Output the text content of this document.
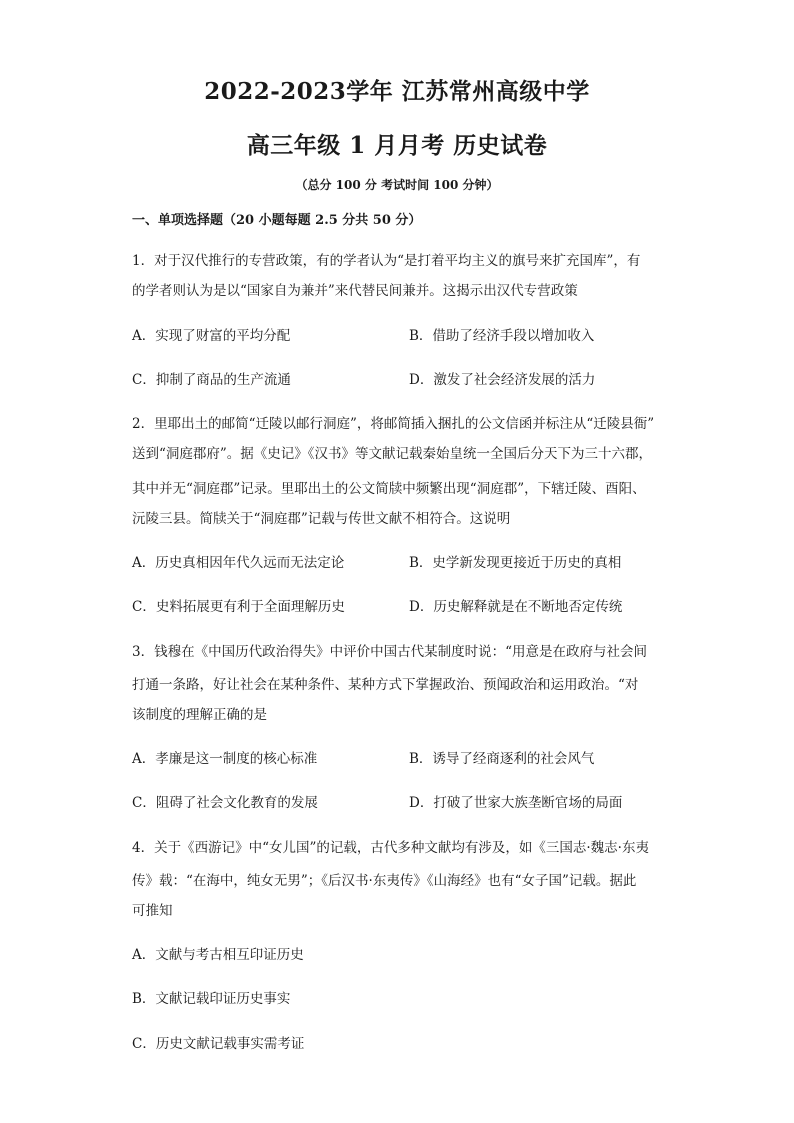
2022-2023学年 江苏常州高级中学
高三年级 1 月月考 历史试卷
（总分 100 分 考试时间 100 分钟）
一、单项选择题（20 小题每题 2.5 分共 50 分）
1．对于汉代推行的专营政策，有的学者认为“是打着平均主义的旗号来扩充国库”，有
的学者则认为是以“国家自为兼并”来代替民间兼并。这揭示出汉代专营政策
A．实现了财富的平均分配	B．借助了经济手段以增加收入
C．抑制了商品的生产流通	D．激发了社会经济发展的活力
2．里耶出土的邮简“迁陵以邮行洞庭”，将邮简插入捆扎的公文信函并标注从“迁陵县衙”
送到“洞庭郡府”。据《史记》《汉书》等文献记载秦始皇统一全国后分天下为三十六郡，
其中并无“洞庭郡”记录。里耶出土的公文简牍中频繁出现“洞庭郡”，下辖迁陵、酉阳、
沅陵三县。简牍关于“洞庭郡”记载与传世文献不相符合。这说明
A．历史真相因年代久远而无法定论	B．史学新发现更接近于历史的真相
C．史料拓展更有利于全面理解历史	D．历史解释就是在不断地否定传统
3．钱穆在《中国历代政治得失》中评价中国古代某制度时说：“用意是在政府与社会间
打通一条路，好让社会在某种条件、某种方式下掌握政治、预闻政治和运用政治。“对
该制度的理解正确的是
A．孝廉是这一制度的核心标准	B．诱导了经商逐利的社会风气
C．阻碍了社会文化教育的发展	D．打破了世家大族垄断官场的局面
4．关于《西游记》中“女儿国”的记载，古代多种文献均有涉及，如《三国志·魏志·东夷
传》载：“在海中，纯女无男”；《后汉书·东夷传》《山海经》也有“女子国”记载。据此
可推知
A．文献与考古相互印证历史
B．文献记载印证历史事实
C．历史文献记载事实需考证
